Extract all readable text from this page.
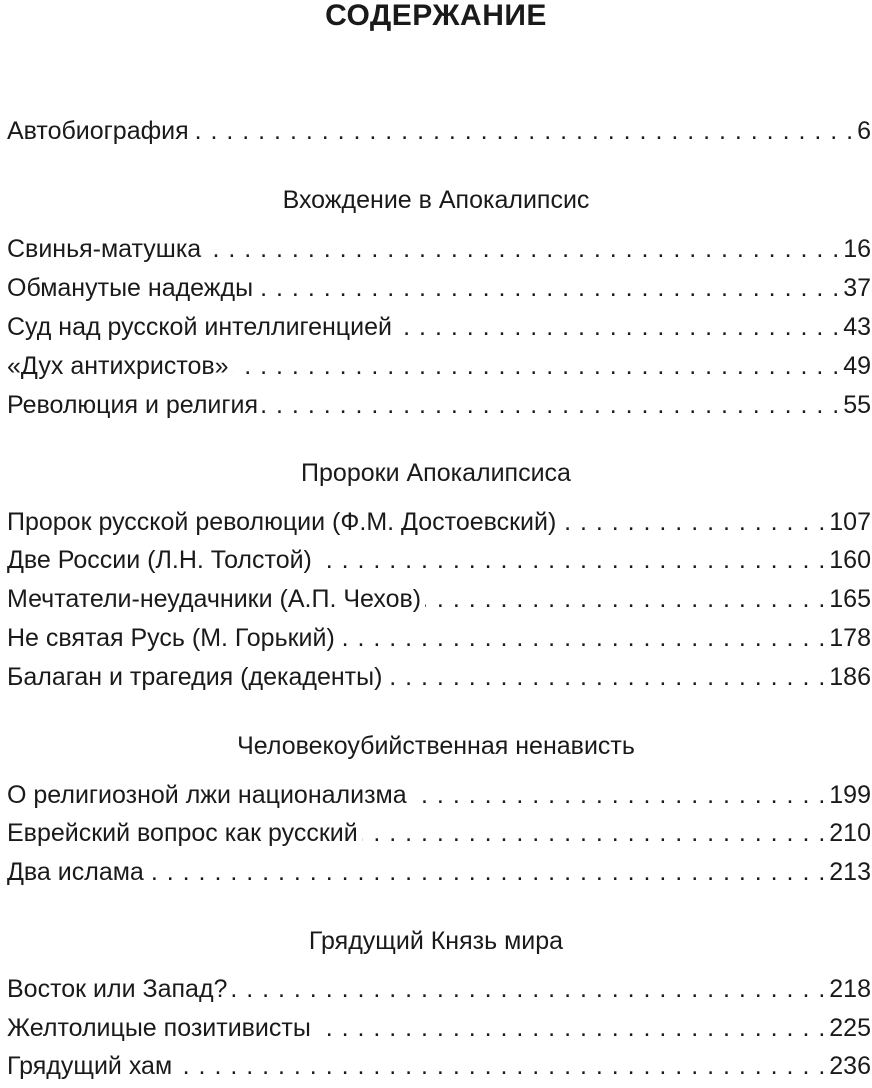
СОДЕРЖАНИЕ
Автобиография . . .	6
Вхождение в Апокалипсис
Свинья-матушка . . .	16
Обманутые надежды . . .	37
Суд над русской интеллигенцией . . .	43
«Дух антихристов» . . .	49
Революция и религия . . .	55
Пророки Апокалипсиса
Пророк русской революции (Ф.М. Достоевский) . . .	107
Две России (Л.Н. Толстой) . . .	160
Мечтатели-неудачники (А.П. Чехов) . . .	165
Не святая Русь (М. Горький) . . .	178
Балаган и трагедия (декаденты) . . .	186
Человекоубийственная ненависть
О религиозной лжи национализма . . .	199
Еврейский вопрос как русский . . .	210
Два ислама . . .	213
Грядущий Князь мира
Восток или Запад? . . .	218
Желтолицые позитивисты . . .	225
Грядущий хам . . .	236
